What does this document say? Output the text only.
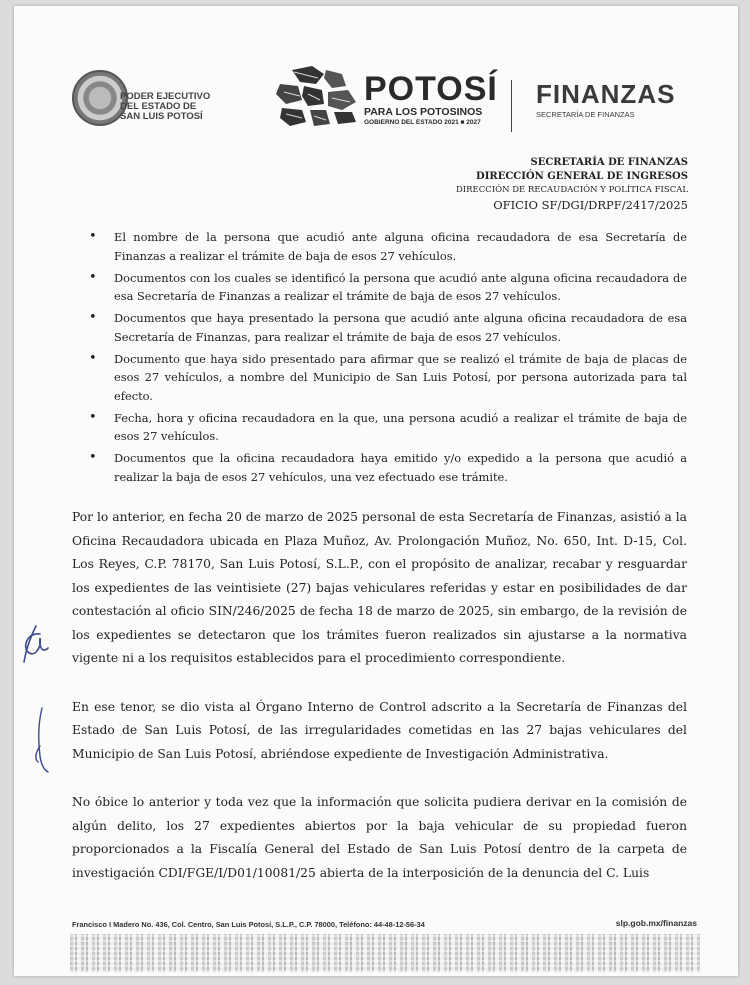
PODER EJECUTIVO
DEL ESTADO DE
SAN LUIS POTOSÍ
POTOSÍ
PARA LOS POTOSINOS
GOBIERNO DEL ESTADO 2021 ■ 2027
FINANZAS
SECRETARÍA DE FINANZAS
SECRETARÍA DE FINANZAS
DIRECCIÓN GENERAL DE INGRESOS
DIRECCIÓN DE RECAUDACIÓN Y POLÍTICA FISCAL
OFICIO SF/DGI/DRPF/2417/2025
• El nombre de la persona que acudió ante alguna oficina recaudadora de esa Secretaría de Finanzas a realizar el trámite de baja de esos 27 vehículos.
• Documentos con los cuales se identificó la persona que acudió ante alguna oficina recaudadora de esa Secretaría de Finanzas a realizar el trámite de baja de esos 27 vehículos.
• Documentos que haya presentado la persona que acudió ante alguna oficina recaudadora de esa Secretaría de Finanzas, para realizar el trámite de baja de esos 27 vehículos.
• Documento que haya sido presentado para afirmar que se realizó el trámite de baja de placas de esos 27 vehículos, a nombre del Municipio de San Luis Potosí, por persona autorizada para tal efecto.
• Fecha, hora y oficina recaudadora en la que, una persona acudió a realizar el trámite de baja de esos 27 vehículos.
• Documentos que la oficina recaudadora haya emitido y/o expedido a la persona que acudió a realizar la baja de esos 27 vehículos, una vez efectuado ese trámite.

Por lo anterior, en fecha 20 de marzo de 2025 personal de esta Secretaría de Finanzas, asistió a la Oficina Recaudadora ubicada en Plaza Muñoz, Av. Prolongación Muñoz, No. 650, Int. D-15, Col. Los Reyes, C.P. 78170, San Luis Potosí, S.L.P., con el propósito de analizar, recabar y resguardar los expedientes de las veintisiete (27) bajas vehiculares referidas y estar en posibilidades de dar contestación al oficio SIN/246/2025 de fecha 18 de marzo de 2025, sin embargo, de la revisión de los expedientes se detectaron que los trámites fueron realizados sin ajustarse a la normativa vigente ni a los requisitos establecidos para el procedimiento correspondiente.

En ese tenor, se dio vista al Órgano Interno de Control adscrito a la Secretaría de Finanzas del Estado de San Luis Potosí, de las irregularidades cometidas en las 27 bajas vehiculares del Municipio de San Luis Potosí, abriéndose expediente de Investigación Administrativa.

No óbice lo anterior y toda vez que la información que solicita pudiera derivar en la comisión de algún delito, los 27 expedientes abiertos por la baja vehicular de su propiedad fueron proporcionados a la Fiscalía General del Estado de San Luis Potosí dentro de la carpeta de investigación CDI/FGE/I/D01/10081/25 abierta de la interposición de la denuncia del C. Luis

Francisco I Madero No. 436, Col. Centro, San Luis Potosí, S.L.P., C.P. 78000, Teléfono: 44-48-12-56-34	slp.gob.mx/finanzas
